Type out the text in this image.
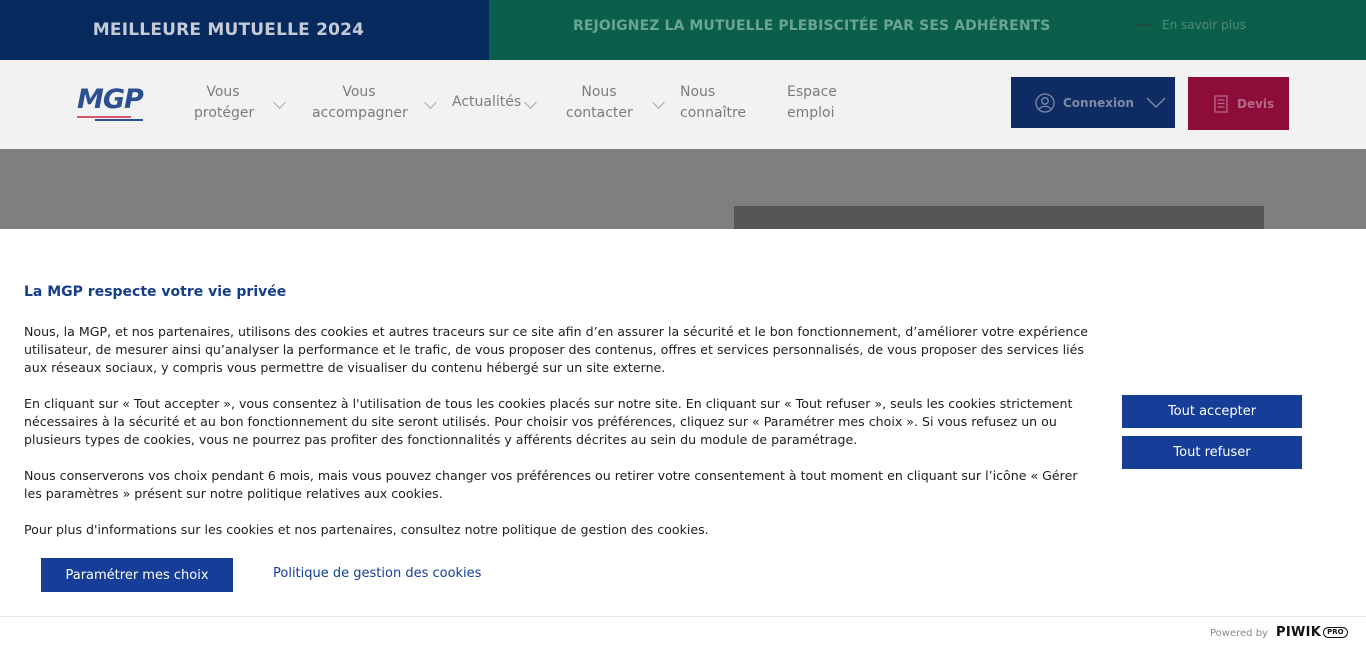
MEILLEURE MUTUELLE 2024	REJOIGNEZ LA MUTUELLE PLEBISCITÉE PAR SES ADHÉRENTS	En savoir plus
MGP	Vous
protéger
Vous
accompagner
Actualités
Nous
contacter
Nous
connaître
Espace
emploi
Connexion	Devis
La MGP respecte votre vie privée

Nous, la MGP, et nos partenaires, utilisons des cookies et autres traceurs sur ce site afin d’en assurer la sécurité et le bon fonctionnement, d’améliorer votre expérience utilisateur, de mesurer ainsi qu’analyser la performance et le trafic, de vous proposer des contenus, offres et services personnalisés, de vous proposer des services liés aux réseaux sociaux, y compris vous permettre de visualiser du contenu hébergé sur un site externe.

En cliquant sur « Tout accepter », vous consentez à l'utilisation de tous les cookies placés sur notre site. En cliquant sur « Tout refuser », seuls les cookies strictement nécessaires à la sécurité et au bon fonctionnement du site seront utilisés. Pour choisir vos préférences, cliquez sur « Paramétrer mes choix ». Si vous refusez un ou plusieurs types de cookies, vous ne pourrez pas profiter des fonctionnalités y afférents décrites au sein du module de paramétrage.

Nous conserverons vos choix pendant 6 mois, mais vous pouvez changer vos préférences ou retirer votre consentement à tout moment en cliquant sur l’icône « Gérer les paramètres » présent sur notre politique relatives aux cookies.

Pour plus d'informations sur les cookies et nos partenaires, consultez notre politique de gestion des cookies.

Tout accepter
Tout refuser
Paramétrer mes choix	Politique de gestion des cookies
Powered by PIWIK PRO
